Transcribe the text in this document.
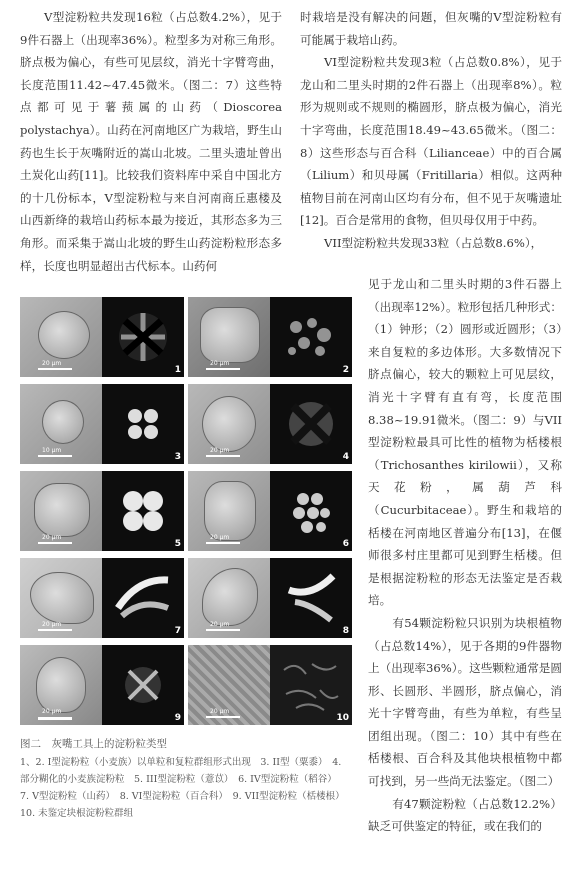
V型淀粉粒共发现16粒（占总数4.2%），见于9件石器上（出现率36%）。粒型多为对称三角形。脐点极为偏心，有些可见层纹，消光十字臂弯曲，长度范围11.42~47.45微米。（图二：7）这些特点都可见于薯蓣属的山药（Dioscorea polystachya）。山药在河南地区广为栽培，野生山药也生长于灰嘴附近的嵩山北坡。二里头遗址曾出土炭化山药[11]。比较我们资料库中采自中国北方的十几份标本，V型淀粉粒与来自河南商丘惠楼及山西新绛的栽培山药标本最为接近，其形态多为三角形。而采集于嵩山北坡的野生山药淀粉粒形态多样，长度也明显超出古代标本。山药何

时栽培是没有解决的问题，但灰嘴的V型淀粉粒有可能属于栽培山药。

VI型淀粉粒共发现3粒（占总数0.8%），见于龙山和二里头时期的2件石器上（出现率8%）。粒形为规则或不规则的椭圆形，脐点极为偏心，消光十字弯曲，长度范围18.49~43.65微米。（图二：8）这些形态与百合科（Lilianceae）中的百合属（Lilium）和贝母属（Fritillaria）相似。这两种植物目前在河南山区均有分布，但不见于灰嘴遗址[12]。百合是常用的食物，但贝母仅用于中药。

VII型淀粉粒共发现33粒（占总数8.6%），

见于龙山和二里头时期的3件石器上（出现率12%）。粒形包括几种形式：（1）钟形；（2）圆形或近圆形；（3）来自复粒的多边体形。大多数情况下脐点偏心，较大的颗粒上可见层纹，消光十字臂有直有弯，长度范围8.38~19.91微米。（图二：9）与VII型淀粉粒最具可比性的植物为栝楼根（Trichosanthes kirilowii），又称天花粉，属葫芦科（Cucurbitaceae）。野生和栽培的栝楼在河南地区普遍分布[13]，在偃师很多村庄里都可见到野生栝楼。但是根据淀粉粒的形态无法鉴定是否栽培。

有54颗淀粉粒只识别为块根植物（占总数14%），见于各期的9件器物上（出现率36%）。这些颗粒通常是圆形、长圆形、半圆形，脐点偏心，消光十字臂弯曲，有些为单粒，有些呈团组出现。（图二：10）其中有些在栝楼根、百合科及其他块根植物中都可找到，另一些尚无法鉴定。（图二）

有47颗淀粉粒（占总数12.2%）缺乏可供鉴定的特征，或在我们的

20 μm
1
20 μm
2
10 μm
3
20 μm
4
20 μm
5
20 μm
6
20 μm
7
20 μm
8
20 μm
9
20 μm
10
图二　灰嘴工具上的淀粉粒类型
1、2. I型淀粉粒（小麦族）以单粒和复粒群组形式出现　3. II型（粟黍）　4. 部分糊化的小麦族淀粉粒　5. III型淀粉粒（薏苡）　6. IV型淀粉粒（稻谷）　7. V型淀粉粒（山药）　8. VI型淀粉粒（百合科）　9. VII型淀粉粒（栝楼根）　10. 未鉴定块根淀粉粒群组
